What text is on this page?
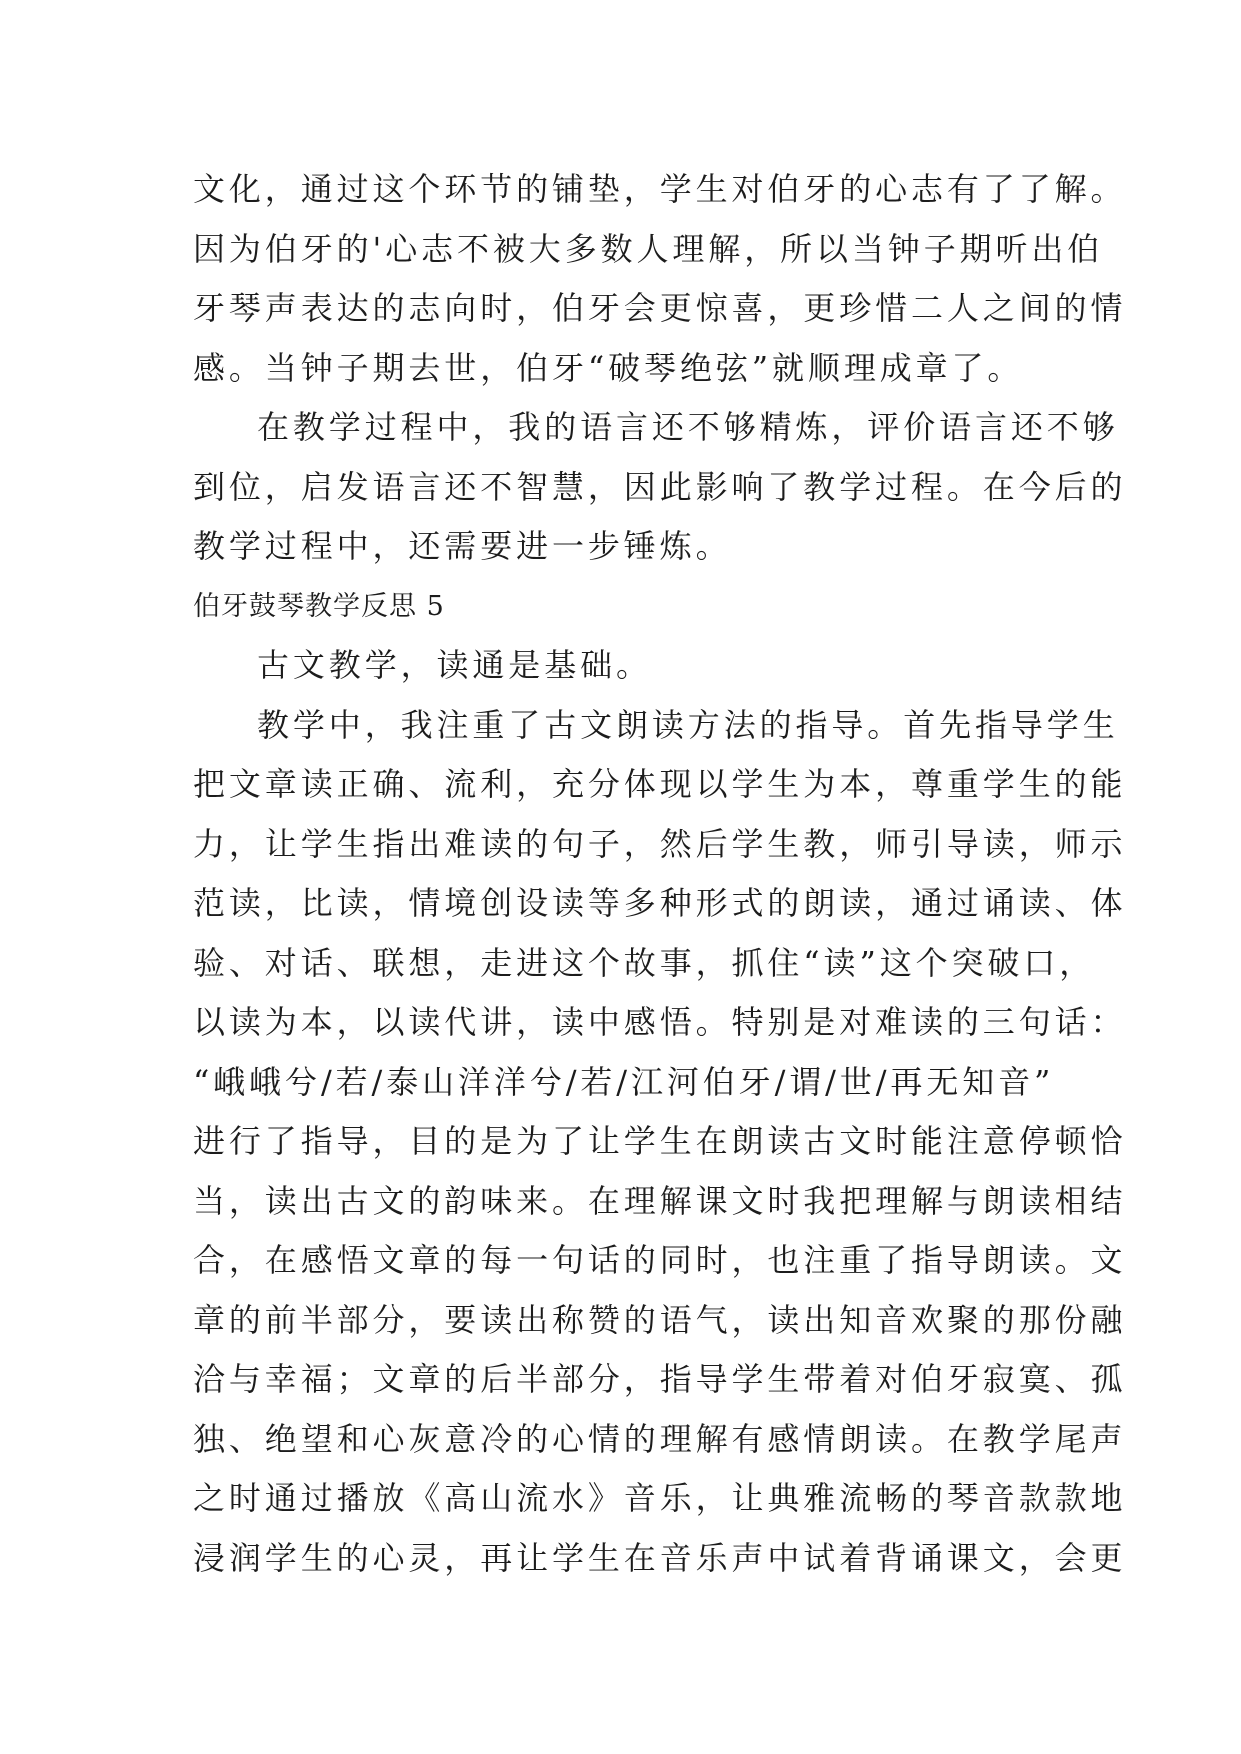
文化，通过这个环节的铺垫，学生对伯牙的心志有了了解。
因为伯牙的'心志不被大多数人理解，所以当钟子期听出伯
牙琴声表达的志向时，伯牙会更惊喜，更珍惜二人之间的情
感。当钟子期去世，伯牙“破琴绝弦”就顺理成章了。
在教学过程中，我的语言还不够精炼，评价语言还不够
到位，启发语言还不智慧，因此影响了教学过程。在今后的
教学过程中，还需要进一步锤炼。
伯牙鼓琴教学反思 5
古文教学，读通是基础。
教学中，我注重了古文朗读方法的指导。首先指导学生
把文章读正确、流利，充分体现以学生为本，尊重学生的能
力，让学生指出难读的句子，然后学生教，师引导读，师示
范读，比读，情境创设读等多种形式的朗读，通过诵读、体
验、对话、联想，走进这个故事，抓住“读”这个突破口，
以读为本，以读代讲，读中感悟。特别是对难读的三句话：
“峨峨兮/若/泰山洋洋兮/若/江河伯牙/谓/世/再无知音”
进行了指导，目的是为了让学生在朗读古文时能注意停顿恰
当，读出古文的韵味来。在理解课文时我把理解与朗读相结
合，在感悟文章的每一句话的同时，也注重了指导朗读。文
章的前半部分，要读出称赞的语气，读出知音欢聚的那份融
洽与幸福；文章的后半部分，指导学生带着对伯牙寂寞、孤
独、绝望和心灰意冷的心情的理解有感情朗读。在教学尾声
之时通过播放《高山流水》音乐，让典雅流畅的琴音款款地
浸润学生的心灵，再让学生在音乐声中试着背诵课文，会更
